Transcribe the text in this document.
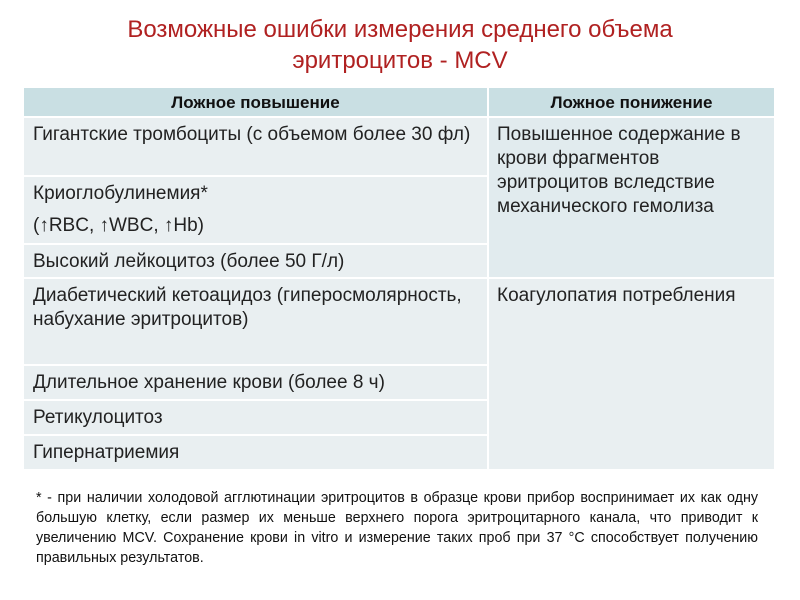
Возможные ошибки измерения среднего объема
эритроцитов - MCV
Ложное повышение	Ложное понижение
Гигантские тромбоциты (с объемом более 30 фл)	Повышенное содержание в крови фрагментов эритроцитов вследствие механического гемолиза
Криоглобулинемия*
(↑RBC, ↑WBC, ↑Hb)	

Высокий лейкоцитоз (более 50 Г/л)	
Диабетический кетоацидоз (гиперосмолярность, набухание эритроцитов)	Коагулопатия потребления
Длительное хранение крови (более 8 ч)	
Ретикулоцитоз	
Гипернатриемия	
* - при наличии холодовой агглютинации эритроцитов в образце крови прибор воспринимает их как одну большую клетку, если размер их меньше верхнего порога эритроцитарного канала, что приводит к увеличению MCV. Сохранение крови in vitro и измерение таких проб при 37 °С способствует получению правильных результатов.
